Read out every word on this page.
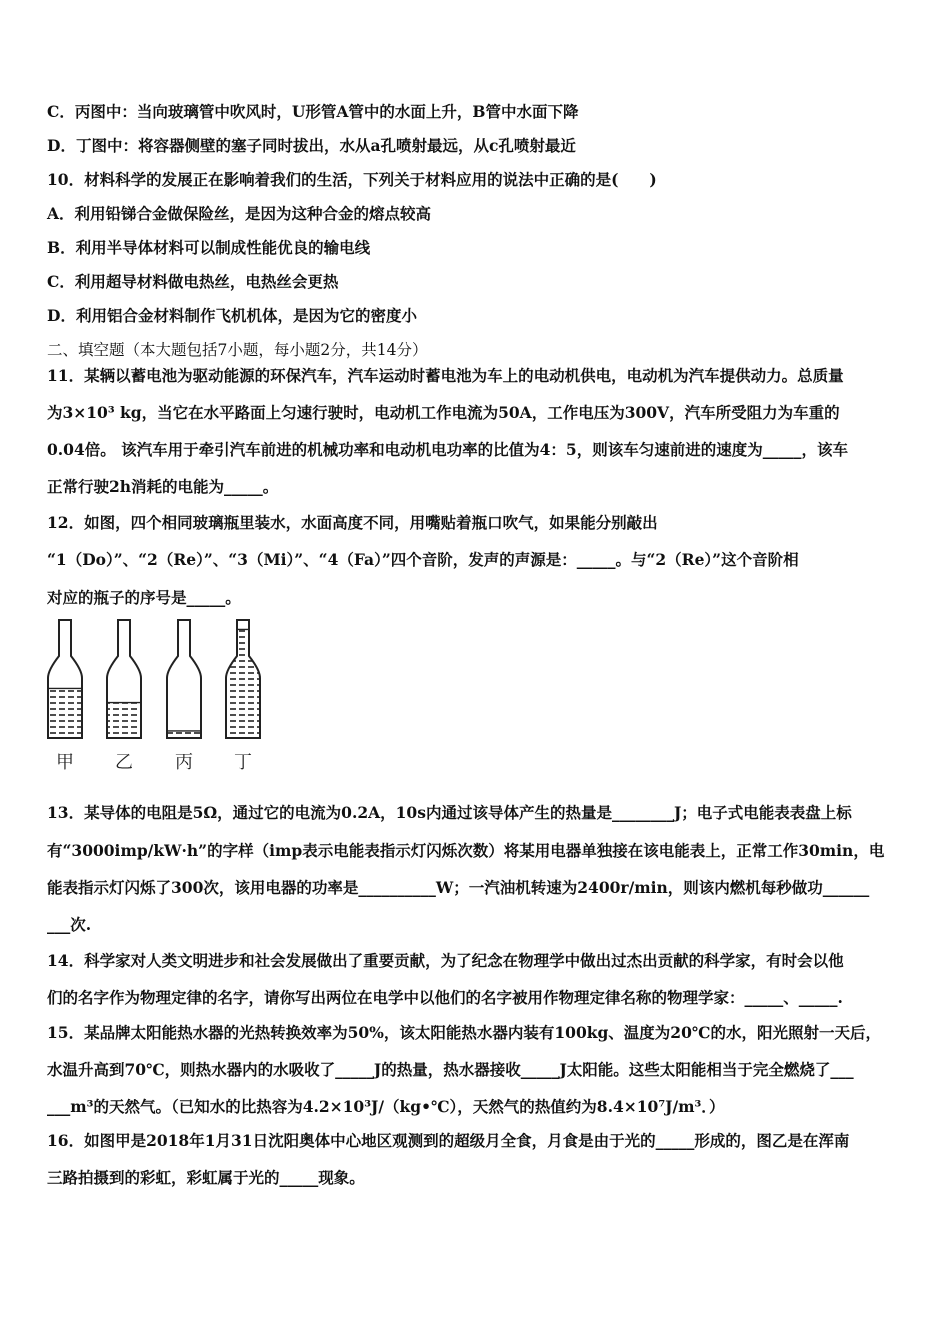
C．丙图中：当向玻璃管中吹风时，U形管A管中的水面上升，B管中水面下降
D．丁图中：将容器侧壁的塞子同时拔出，水从a孔喷射最远，从c孔喷射最近
10．材料科学的发展正在影响着我们的生活，下列关于材料应用的说法中正确的是(　　)
A．利用铅锑合金做保险丝，是因为这种合金的熔点较高
B．利用半导体材料可以制成性能优良的输电线
C．利用超导材料做电热丝，电热丝会更热
D．利用铝合金材料制作飞机机体，是因为它的密度小
二、填空题（本大题包括7小题，每小题2分，共14分）
11．某辆以蓄电池为驱动能源的环保汽车，汽车运动时蓄电池为车上的电动机供电，电动机为汽车提供动力。总质量
为3×10³ kg，当它在水平路面上匀速行驶时，电动机工作电流为50A，工作电压为300V，汽车所受阻力为车重的
0.04倍。 该汽车用于牵引汽车前进的机械功率和电动机电功率的比值为4：5，则该车匀速前进的速度为_____，该车
正常行驶2h消耗的电能为_____。
12．如图，四个相同玻璃瓶里装水，水面高度不同，用嘴贴着瓶口吹气，如果能分别敲出
“1（Do）”、“2（Re）”、“3（Mi）”、“4（Fa）”四个音阶，发声的声源是：_____。与“2（Re）”这个音阶相
对应的瓶子的序号是_____。
甲 乙 丙 丁
13．某导体的电阻是5Ω，通过它的电流为0.2A，10s内通过该导体产生的热量是________J；电子式电能表表盘上标
有“3000imp/kW·h”的字样（imp表示电能表指示灯闪烁次数）将某用电器单独接在该电能表上，正常工作30min，电
能表指示灯闪烁了300次，该用电器的功率是__________W；一汽油机转速为2400r/min，则该内燃机每秒做功______
___次.
14．科学家对人类文明进步和社会发展做出了重要贡献，为了纪念在物理学中做出过杰出贡献的科学家，有时会以他
们的名字作为物理定律的名字，请你写出两位在电学中以他们的名字被用作物理定律名称的物理学家：_____、_____.
15．某品牌太阳能热水器的光热转换效率为50%，该太阳能热水器内装有100kg、温度为20℃的水，阳光照射一天后，
水温升高到70℃，则热水器内的水吸收了_____J的热量，热水器接收_____J太阳能。这些太阳能相当于完全燃烧了___
___m³的天然气。（已知水的比热容为4.2×10³J/（kg•℃），天然气的热值约为8.4×10⁷J/m³．）
16．如图甲是2018年1月31日沈阳奥体中心地区观测到的超级月全食，月食是由于光的_____形成的，图乙是在浑南
三路拍摄到的彩虹，彩虹属于光的_____现象。
